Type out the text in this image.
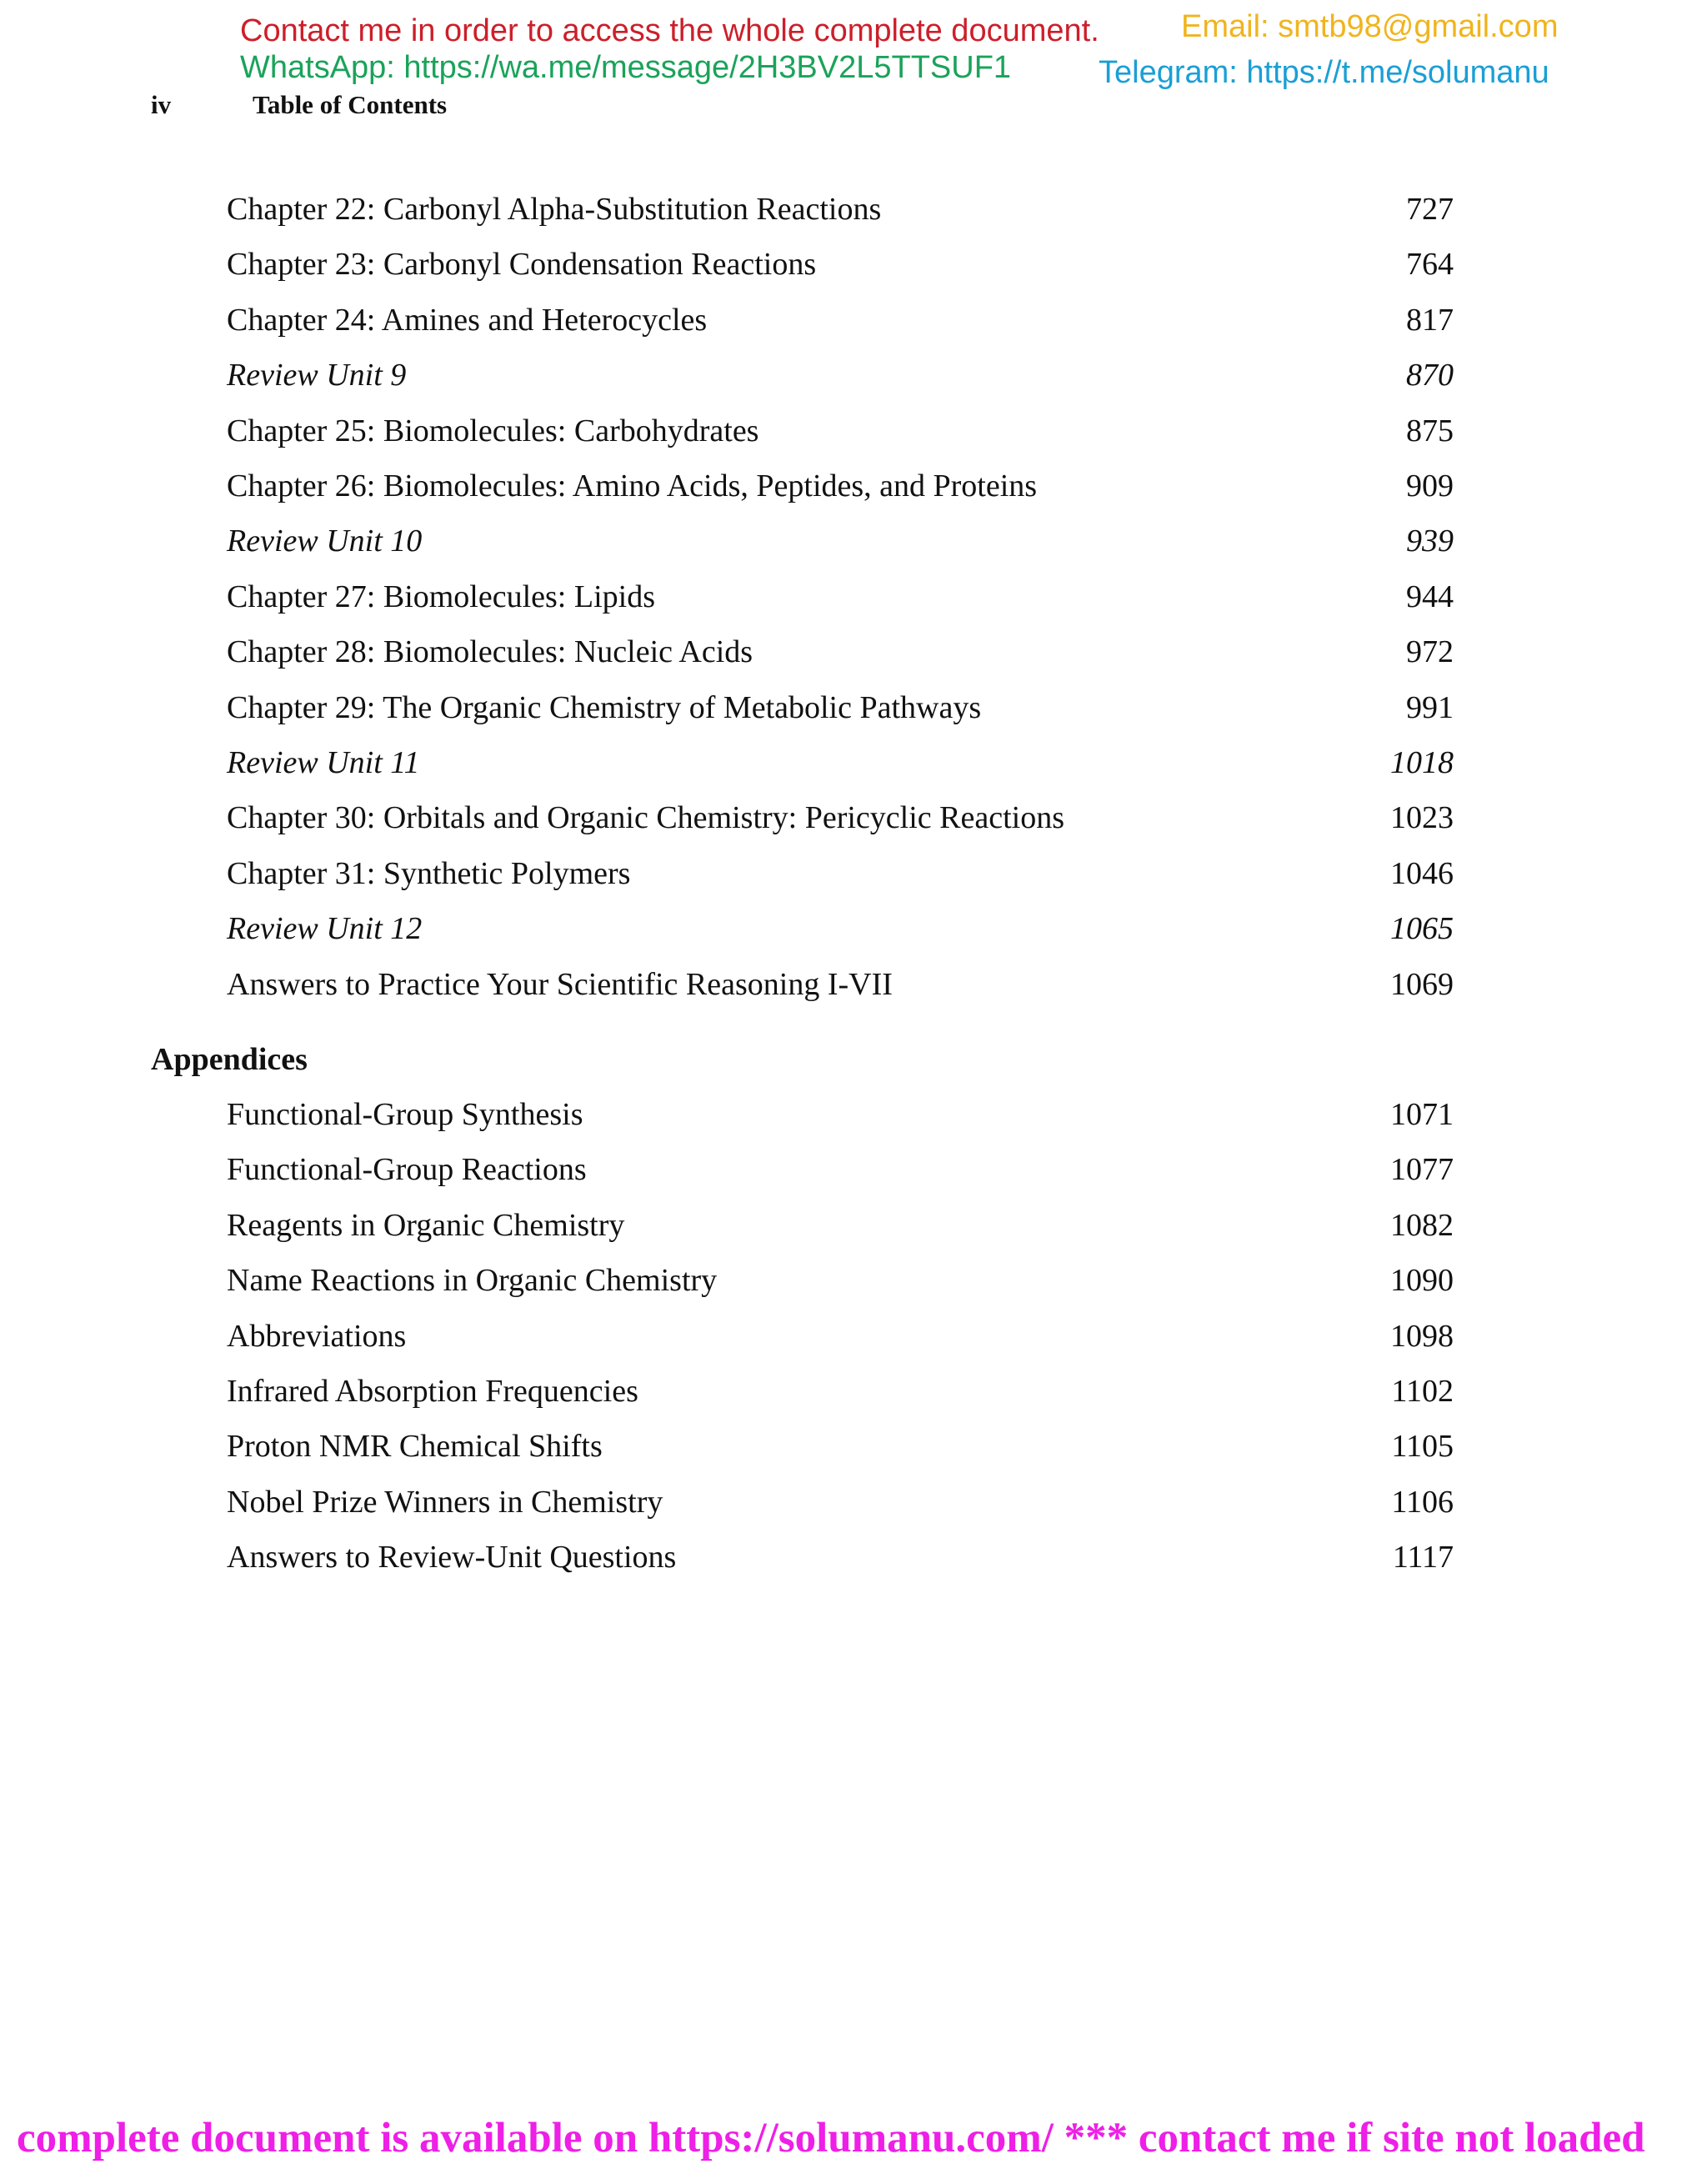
Contact me in order to access the whole complete document.	Email: smtb98@gmail.com
WhatsApp: https://wa.me/message/2H3BV2L5TTSUF1	Telegram: https://t.me/solumanu
iv	Table of Contents
Chapter 22: Carbonyl Alpha-Substitution Reactions	727
Chapter 23: Carbonyl Condensation Reactions	764
Chapter 24: Amines and Heterocycles	817
Review Unit 9	870
Chapter 25: Biomolecules: Carbohydrates	875
Chapter 26: Biomolecules: Amino Acids, Peptides, and Proteins	909
Review Unit 10	939
Chapter 27: Biomolecules: Lipids	944
Chapter 28: Biomolecules: Nucleic Acids	972
Chapter 29: The Organic Chemistry of Metabolic Pathways	991
Review Unit 11	1018
Chapter 30: Orbitals and Organic Chemistry: Pericyclic Reactions	1023
Chapter 31: Synthetic Polymers	1046
Review Unit 12	1065
Answers to Practice Your Scientific Reasoning I-VII	1069
Appendices
Functional-Group Synthesis	1071
Functional-Group Reactions	1077
Reagents in Organic Chemistry	1082
Name Reactions in Organic Chemistry	1090
Abbreviations	1098
Infrared Absorption Frequencies	1102
Proton NMR Chemical Shifts	1105
Nobel Prize Winners in Chemistry	1106
Answers to Review-Unit Questions	1117
complete document is available on https://solumanu.com/ *** contact me if site not loaded
